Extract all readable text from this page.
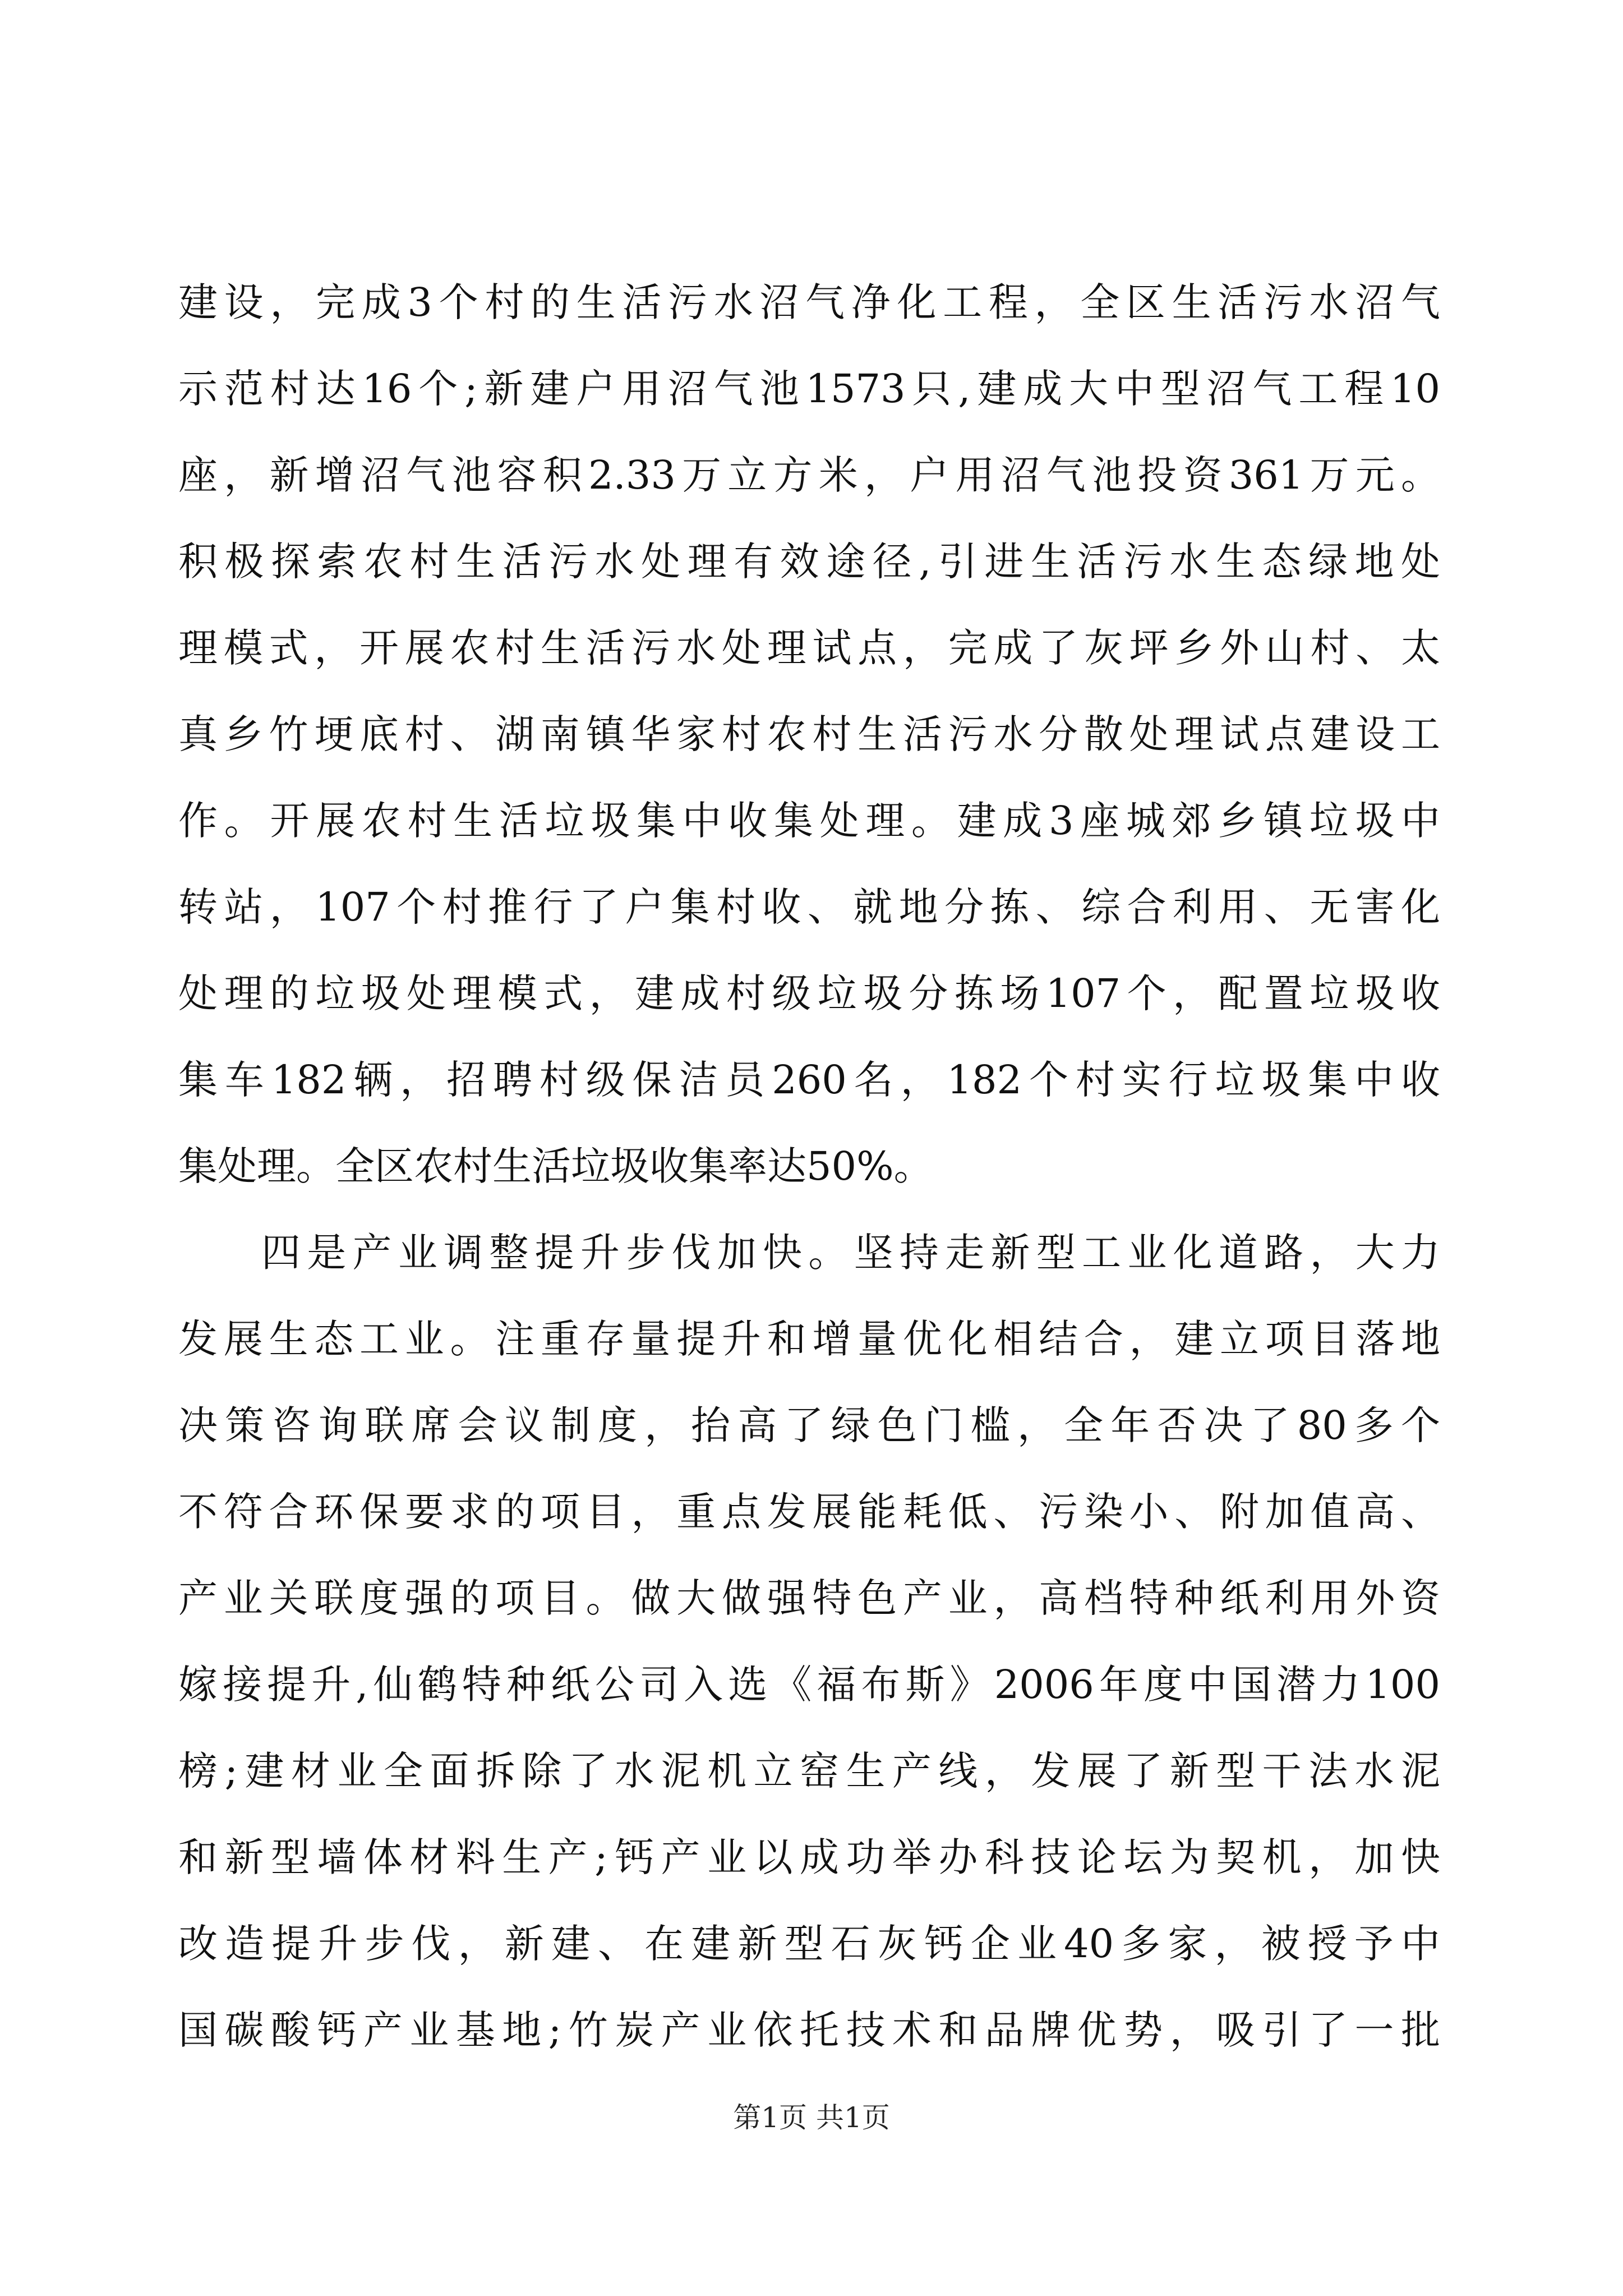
建设，完成3个村的生活污水沼气净化工程，全区生活污水沼气
示范村达16个;新建户用沼气池1573只,建成大中型沼气工程10
座，新增沼气池容积2.33万立方米，户用沼气池投资361万元。
积极探索农村生活污水处理有效途径,引进生活污水生态绿地处
理模式，开展农村生活污水处理试点，完成了灰坪乡外山村、太
真乡竹埂底村、湖南镇华家村农村生活污水分散处理试点建设工
作。开展农村生活垃圾集中收集处理。建成3座城郊乡镇垃圾中
转站，107个村推行了户集村收、就地分拣、综合利用、无害化
处理的垃圾处理模式，建成村级垃圾分拣场107个，配置垃圾收
集车182辆，招聘村级保洁员260名，182个村实行垃圾集中收
集处理。全区农村生活垃圾收集率达50%。
四是产业调整提升步伐加快。坚持走新型工业化道路，大力
发展生态工业。注重存量提升和增量优化相结合，建立项目落地
决策咨询联席会议制度，抬高了绿色门槛，全年否决了80多个
不符合环保要求的项目，重点发展能耗低、污染小、附加值高、
产业关联度强的项目。做大做强特色产业，高档特种纸利用外资
嫁接提升,仙鹤特种纸公司入选《福布斯》2006年度中国潜力100
榜;建材业全面拆除了水泥机立窑生产线，发展了新型干法水泥
和新型墙体材料生产;钙产业以成功举办科技论坛为契机，加快
改造提升步伐，新建、在建新型石灰钙企业40多家，被授予中
国碳酸钙产业基地;竹炭产业依托技术和品牌优势，吸引了一批
第1页 共1页
